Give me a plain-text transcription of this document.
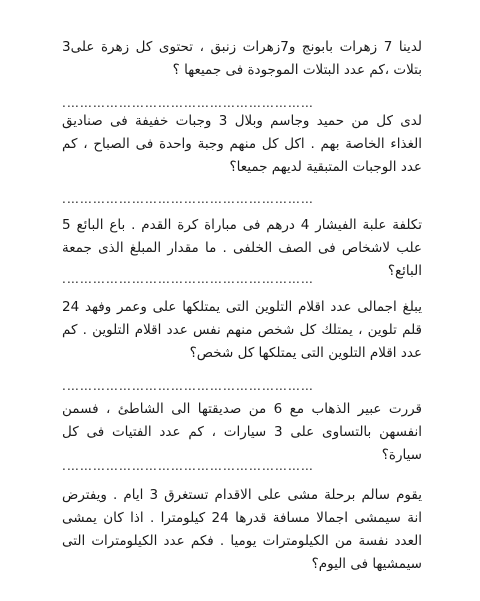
لدينا 7 زهرات بابونج و7زهرات زنبق ، تحتوى كل زهرة على3 بتلات ،كم عدد البتلات الموجودة فى جميعها ؟

………………………………………………….

لدى كل من حميد وجاسم وبلال 3 وجبات خفيفة فى صناديق الغذاء الخاصة بهم . اكل كل منهم وجبة واحدة فى الصباح ، كم عدد الوجبات المتبقية لديهم جميعا؟

………………………………………………….

تكلفة علبة الفيشار 4 درهم فى مباراة كرة القدم . باع البائع 5 علب لاشخاص فى الصف الخلفى . ما مقدار المبلغ الذى جمعة البائع؟

………………………………………………….

يبلغ اجمالى عدد اقلام التلوين التى يمتلكها على وعمر وفهد 24 قلم تلوين ، يمتلك كل شخص منهم نفس عدد اقلام التلوين . كم عدد اقلام التلوين التى يمتلكها كل شخص؟

………………………………………………….

قررت عبير الذهاب مع 6 من صديقتها الى الشاطئ ، فسمن انفسهن بالتساوى على 3 سيارات ، كم عدد الفتيات فى كل سيارة؟

………………………………………………….

يقوم سالم برحلة مشى على الاقدام تستغرق 3 ايام . ويفترض انة سيمشى اجمالا مسافة قدرها 24 كيلومترا . اذا كان يمشى العدد نفسة من الكيلومترات يوميا . فكم عدد الكيلومترات التى سيمشيها فى اليوم؟
